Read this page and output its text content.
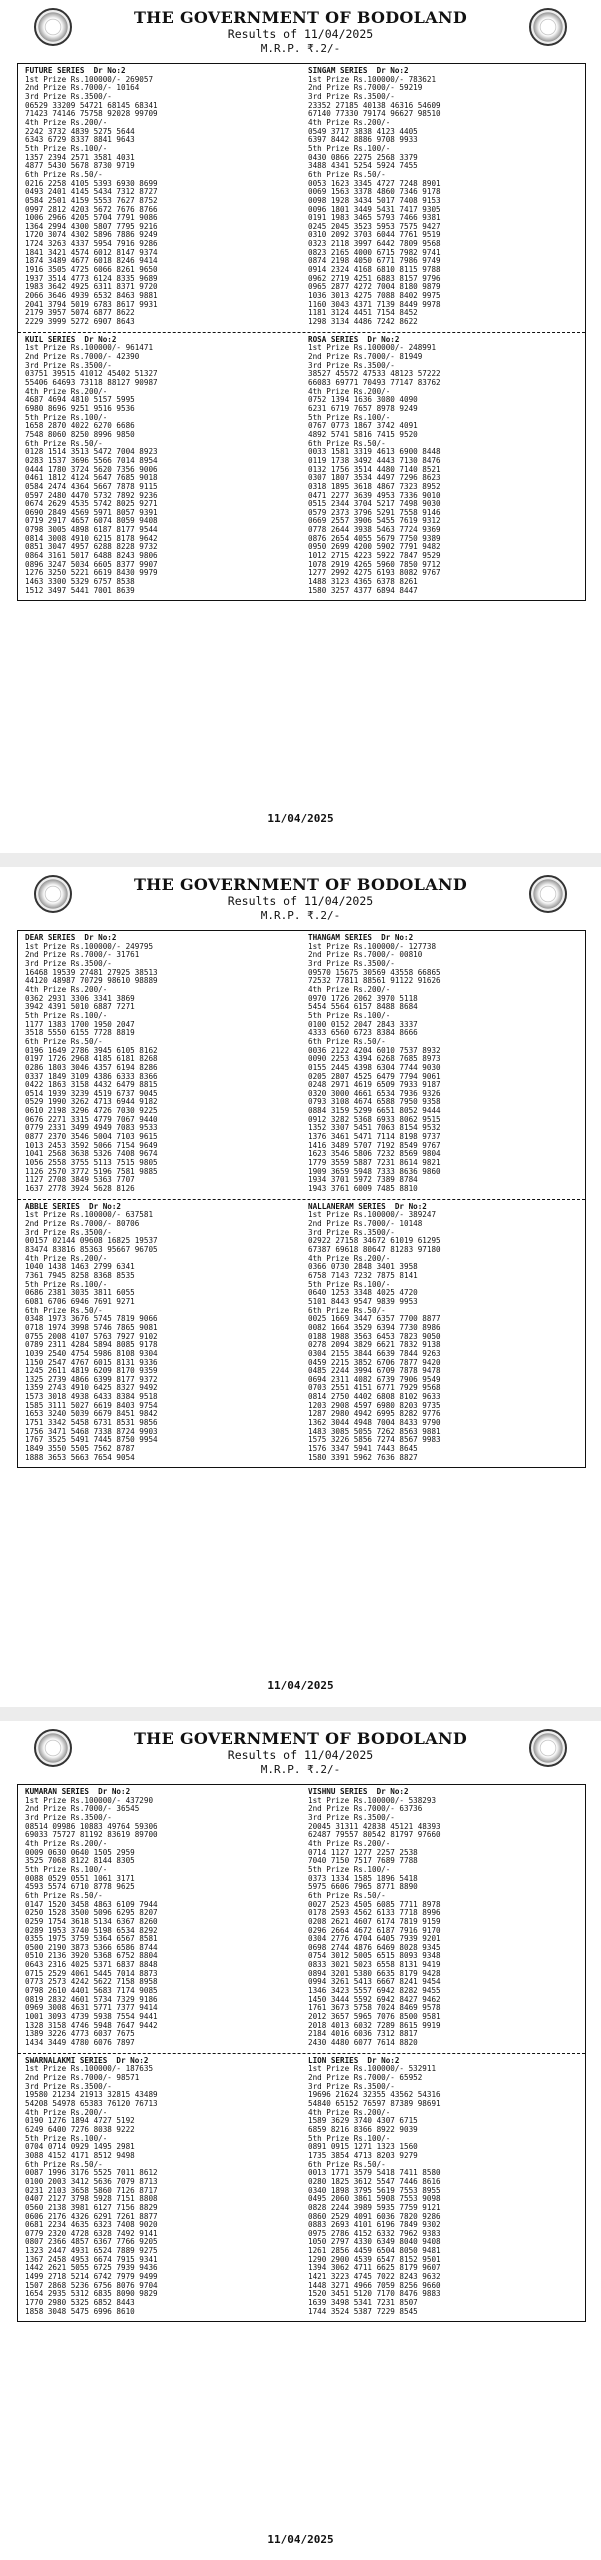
THE GOVERNMENT OF BODOLAND
Results of 11/04/2025
M.R.P. ₹.2/-
FUTURE SERIES  Dr No:2
1st Prize Rs.100000/- 269057
2nd Prize Rs.7000/- 10164
3rd Prize Rs.3500/-
06529 33209 54721 68145 68341
71423 74146 75758 92028 99709
4th Prize Rs.200/-
2242 3732 4839 5275 5644
6343 6729 8337 8841 9643
5th Prize Rs.100/-
1357 2394 2571 3581 4031
4877 5430 5678 8730 9719
6th Prize Rs.50/-
0216 2258 4105 5393 6930 8699
0493 2401 4145 5434 7312 8727
0584 2501 4159 5553 7627 8752
0997 2812 4203 5672 7676 8766
1006 2966 4205 5704 7791 9086
1364 2994 4300 5807 7795 9216
1720 3074 4302 5896 7886 9249
1724 3263 4337 5954 7916 9286
1841 3421 4574 6012 8147 9374
1874 3489 4677 6018 8246 9414
1916 3505 4725 6066 8261 9650
1937 3514 4773 6124 8335 9689
1983 3642 4925 6311 8371 9720
2066 3646 4939 6532 8463 9881
2041 3794 5019 6783 8617 9931
2179 3957 5074 6877 8622
2229 3999 5272 6907 8643
SINGAM SERIES  Dr No:2
1st Prize Rs.100000/- 783621
2nd Prize Rs.7000/- 59219
3rd Prize Rs.3500/-
23352 27185 40138 46316 54609
67140 77330 79174 96627 98510
4th Prize Rs.200/-
0549 3717 3838 4123 4405
6397 8442 8886 9708 9933
5th Prize Rs.100/-
0430 0866 2275 2568 3379
3488 4341 5254 5924 7455
6th Prize Rs.50/-
0053 1623 3345 4727 7248 8901
0069 1563 3378 4860 7346 9178
0098 1928 3434 5017 7408 9153
0096 1801 3449 5431 7417 9305
0191 1983 3465 5793 7466 9381
0245 2045 3523 5953 7575 9427
0310 2092 3703 6044 7761 9519
0323 2118 3997 6442 7809 9568
0823 2165 4000 6715 7982 9741
0874 2198 4050 6771 7986 9749
0914 2324 4168 6810 8115 9788
0962 2719 4251 6883 8157 9796
0965 2877 4272 7004 8180 9879
1036 3013 4275 7088 8402 9975
1160 3043 4371 7139 8449 9978
1181 3124 4451 7154 8452
1298 3134 4486 7242 8622
KUIL SERIES  Dr No:2
1st Prize Rs.100000/- 961471
2nd Prize Rs.7000/- 42390
3rd Prize Rs.3500/-
03751 39515 41012 45402 51327
55406 64693 73118 88127 90987
4th Prize Rs.200/-
4687 4694 4810 5157 5995
6980 8696 9251 9516 9536
5th Prize Rs.100/-
1658 2870 4022 6270 6686
7548 8060 8250 8996 9850
6th Prize Rs.50/-
0128 1514 3513 5472 7004 8923
0283 1537 3696 5566 7014 8954
0444 1780 3724 5620 7356 9006
0461 1812 4124 5647 7685 9018
0584 2474 4364 5667 7878 9115
0597 2480 4470 5732 7892 9236
0674 2629 4535 5742 8025 9271
0690 2849 4569 5971 8057 9391
0719 2917 4657 6074 8059 9408
0798 3005 4898 6187 8177 9544
0814 3008 4910 6215 8178 9642
0851 3047 4957 6288 8228 9732
0864 3161 5017 6488 8243 9806
0896 3247 5034 6605 8377 9907
1276 3250 5221 6619 8430 9979
1463 3300 5329 6757 8538
1512 3497 5441 7001 8639
ROSA SERIES  Dr No:2
1st Prize Rs.100000/- 248991
2nd Prize Rs.7000/- 81949
3rd Prize Rs.3500/-
38527 45572 47533 48123 57222
66083 69771 70493 77147 83762
4th Prize Rs.200/-
0752 1394 1636 3080 4090
6231 6719 7657 8978 9249
5th Prize Rs.100/-
0767 0773 1867 3742 4091
4892 5741 5816 7415 9520
6th Prize Rs.50/-
0033 1581 3319 4613 6900 8448
0119 1738 3492 4443 7130 8476
0132 1756 3514 4480 7140 8521
0307 1807 3534 4497 7296 8623
0318 1895 3618 4867 7323 8952
0471 2277 3639 4953 7336 9010
0515 2344 3704 5217 7498 9030
0579 2373 3796 5291 7558 9146
0669 2557 3906 5455 7619 9312
0778 2644 3938 5463 7724 9369
0876 2654 4055 5679 7750 9389
0950 2699 4200 5902 7791 9482
1012 2715 4223 5922 7847 9529
1078 2919 4265 5960 7850 9712
1277 2992 4275 6193 8082 9767
1488 3123 4365 6378 8261
1580 3257 4377 6894 8447
11/04/2025
THE GOVERNMENT OF BODOLAND
Results of 11/04/2025
M.R.P. ₹.2/-
DEAR SERIES  Dr No:2
1st Prize Rs.100000/- 249795
2nd Prize Rs.7000/- 31761
3rd Prize Rs.3500/-
16468 19539 27481 27925 38513
44120 48987 70729 98610 98889
4th Prize Rs.200/-
0362 2931 3306 3341 3869
3942 4391 5010 6887 7271
5th Prize Rs.100/-
1177 1383 1700 1950 2047
3518 5550 6155 7728 8819
6th Prize Rs.50/-
0196 1649 2786 3945 6105 8162
0197 1726 2968 4185 6181 8268
0286 1803 3046 4357 6194 8286
0337 1849 3109 4386 6333 8366
0422 1863 3158 4432 6479 8815
0514 1939 3239 4519 6737 9045
0529 1990 3262 4713 6944 9182
0610 2198 3296 4726 7030 9225
0676 2271 3315 4779 7067 9440
0779 2331 3499 4949 7083 9533
0877 2370 3546 5004 7103 9615
1013 2453 3592 5066 7154 9649
1041 2568 3638 5326 7408 9674
1056 2558 3755 5113 7515 9805
1126 2570 3772 5196 7581 9885
1127 2708 3849 5363 7707
1637 2778 3924 5628 8126
THANGAM SERIES  Dr No:2
1st Prize Rs.100000/- 127738
2nd Prize Rs.7000/- 00810
3rd Prize Rs.3500/-
09570 15675 30569 43558 66865
72532 77811 88561 91122 91626
4th Prize Rs.200/-
0970 1726 2062 3970 5118
5454 5564 6157 8488 8684
5th Prize Rs.100/-
0100 0152 2047 2843 3337
4333 6560 6723 8384 8666
6th Prize Rs.50/-
0036 2122 4204 6010 7537 8932
0090 2253 4394 6268 7685 8973
0155 2445 4398 6304 7744 9030
0205 2807 4525 6479 7794 9061
0248 2971 4619 6509 7933 9187
0320 3000 4661 6534 7936 9326
0793 3108 4674 6588 7950 9358
0884 3159 5299 6651 8052 9444
0912 3282 5368 6933 8062 9515
1352 3307 5451 7063 8154 9532
1376 3461 5471 7114 8198 9737
1416 3489 5707 7192 8549 9767
1623 3546 5806 7232 8569 9804
1779 3559 5887 7231 8614 9821
1909 3659 5948 7333 8636 9860
1934 3701 5972 7389 8784
1943 3761 6009 7485 8810
ABBLE SERIES  Dr No:2
1st Prize Rs.100000/- 637581
2nd Prize Rs.7000/- 80706
3rd Prize Rs.3500/-
00157 02144 09608 16825 19537
83474 83816 85363 95667 96705
4th Prize Rs.200/-
1040 1438 1463 2799 6341
7361 7945 8258 8368 8535
5th Prize Rs.100/-
0686 2381 3035 3811 6055
6081 6706 6946 7691 9271
6th Prize Rs.50/-
0348 1973 3676 5745 7819 9066
0718 1974 3998 5746 7865 9081
0755 2008 4107 5763 7927 9102
0789 2311 4284 5894 8085 9178
1039 2540 4754 5986 8108 9304
1150 2547 4767 6015 8131 9336
1245 2611 4819 6209 8170 9359
1325 2739 4866 6399 8177 9372
1359 2743 4910 6425 8327 9492
1573 3018 4938 6433 8384 9518
1585 3111 5027 6619 8403 9754
1653 3240 5039 6679 8451 9842
1751 3342 5458 6731 8531 9856
1756 3471 5468 7338 8724 9903
1767 3525 5491 7445 8750 9954
1849 3550 5505 7562 8787
1888 3653 5663 7654 9054
NALLANERAM SERIES  Dr No:2
1st Prize Rs.100000/- 389247
2nd Prize Rs.7000/- 10148
3rd Prize Rs.3500/-
02922 27158 34672 61019 61295
67387 69618 80647 81283 97180
4th Prize Rs.200/-
0366 0730 2848 3401 3958
6758 7143 7232 7875 8141
5th Prize Rs.100/-
0640 1253 3348 4025 4720
5101 8443 9547 9839 9953
6th Prize Rs.50/-
0025 1669 3447 6357 7700 8877
0082 1664 3529 6394 7730 8986
0188 1988 3563 6453 7823 9050
0278 2094 3829 6621 7832 9138
0304 2155 3844 6639 7844 9263
0459 2215 3852 6706 7877 9420
0485 2244 3994 6709 7878 9478
0694 2311 4082 6739 7906 9549
0703 2551 4151 6771 7929 9568
0814 2750 4402 6808 8102 9633
1203 2908 4597 6980 8203 9735
1287 2980 4942 6995 8282 9776
1362 3044 4948 7004 8433 9790
1483 3085 5055 7262 8563 9881
1575 3226 5856 7274 8567 9983
1576 3347 5941 7443 8645
1580 3391 5962 7636 8827
11/04/2025
THE GOVERNMENT OF BODOLAND
Results of 11/04/2025
M.R.P. ₹.2/-
KUMARAN SERIES  Dr No:2
1st Prize Rs.100000/- 437290
2nd Prize Rs.7000/- 36545
3rd Prize Rs.3500/-
08514 09986 10883 49764 59306
69033 75727 81192 83619 89700
4th Prize Rs.200/-
0009 0630 0640 1505 2959
3525 7068 8122 8144 8305
5th Prize Rs.100/-
0088 0529 0551 1061 3171
4593 5574 6710 8778 9625
6th Prize Rs.50/-
0147 1520 3458 4863 6109 7944
0250 1528 3500 5096 6295 8207
0259 1754 3618 5134 6367 8260
0289 1953 3740 5198 6534 8292
0355 1975 3759 5364 6567 8581
0500 2190 3873 5366 6586 8744
0510 2136 3920 5368 6752 8804
0643 2316 4025 5371 6837 8848
0715 2529 4061 5445 7014 8873
0773 2573 4242 5622 7158 8958
0798 2610 4401 5683 7174 9085
0819 2832 4601 5734 7329 9186
0969 3008 4631 5771 7377 9414
1001 3093 4739 5938 7554 9441
1328 3158 4746 5948 7647 9442
1389 3226 4773 6037 7675
1434 3449 4780 6076 7897
VISHNU SERIES  Dr No:2
1st Prize Rs.100000/- 538293
2nd Prize Rs.7000/- 63736
3rd Prize Rs.3500/-
20045 31311 42838 45121 48393
62487 79557 80542 81797 97660
4th Prize Rs.200/-
0714 1127 1277 2257 2538
7040 7150 7517 7689 7788
5th Prize Rs.100/-
0373 1334 1585 1896 5418
5975 6606 7965 8771 8890
6th Prize Rs.50/-
0027 2523 4505 6085 7711 8978
0178 2593 4562 6133 7718 8996
0208 2621 4607 6174 7819 9159
0296 2664 4672 6187 7916 9170
0304 2776 4704 6405 7939 9201
0698 2744 4876 6469 8028 9345
0754 3012 5005 6515 8093 9348
0833 3021 5023 6558 8131 9419
0894 3201 5380 6635 8179 9428
0994 3261 5413 6667 8241 9454
1346 3423 5557 6942 8282 9455
1450 3444 5592 6942 8427 9462
1761 3673 5758 7024 8469 9578
2012 3657 5965 7076 8500 9581
2018 4013 6032 7289 8615 9919
2184 4016 6036 7312 8817
2430 4480 6077 7614 8820
SWARNALAKMI SERIES  Dr No:2
1st Prize Rs.100000/- 187635
2nd Prize Rs.7000/- 98571
3rd Prize Rs.3500/-
19580 21234 21913 32815 43489
54208 54978 65383 76120 76713
4th Prize Rs.200/-
0190 1276 1894 4727 5192
6249 6400 7276 8038 9222
5th Prize Rs.100/-
0704 0714 0929 1495 2981
3088 4152 4171 8512 9498
6th Prize Rs.50/-
0087 1996 3176 5525 7011 8612
0100 2003 3412 5636 7079 8713
0231 2103 3658 5860 7126 8717
0407 2127 3798 5928 7151 8808
0560 2138 3981 6127 7156 8829
0606 2176 4326 6291 7261 8877
0681 2234 4635 6323 7408 9020
0779 2320 4728 6328 7492 9141
0807 2366 4857 6367 7766 9205
1323 2447 4931 6524 7889 9275
1367 2458 4953 6674 7915 9341
1442 2621 5055 6725 7939 9436
1499 2718 5214 6742 7979 9499
1507 2868 5236 6756 8076 9704
1654 2935 5312 6835 8090 9829
1770 2980 5325 6852 8443
1858 3048 5475 6996 8610
LION SERIES  Dr No:2
1st Prize Rs.100000/- 532911
2nd Prize Rs.7000/- 65952
3rd Prize Rs.3500/-
19696 21624 32355 43562 54316
54840 65152 76597 87389 98691
4th Prize Rs.200/-
1589 3629 3740 4307 6715
6859 8216 8366 8922 9039
5th Prize Rs.100/-
0891 0915 1271 1323 1560
1735 3854 4713 8203 9279
6th Prize Rs.50/-
0013 1771 3579 5418 7411 8580
0280 1825 3612 5547 7446 8616
0340 1898 3795 5619 7553 8955
0495 2060 3861 5908 7553 9098
0828 2244 3989 5935 7759 9121
0860 2529 4091 6036 7820 9286
0883 2693 4101 6196 7849 9302
0975 2786 4152 6332 7962 9383
1050 2797 4330 6349 8040 9408
1261 2856 4459 6504 8050 9481
1290 2900 4539 6547 8152 9501
1394 3062 4711 6625 8179 9607
1421 3223 4745 7022 8243 9632
1448 3271 4966 7059 8256 9660
1520 3451 5120 7170 8476 9883
1639 3498 5341 7231 8507
1744 3524 5387 7229 8545
11/04/2025
